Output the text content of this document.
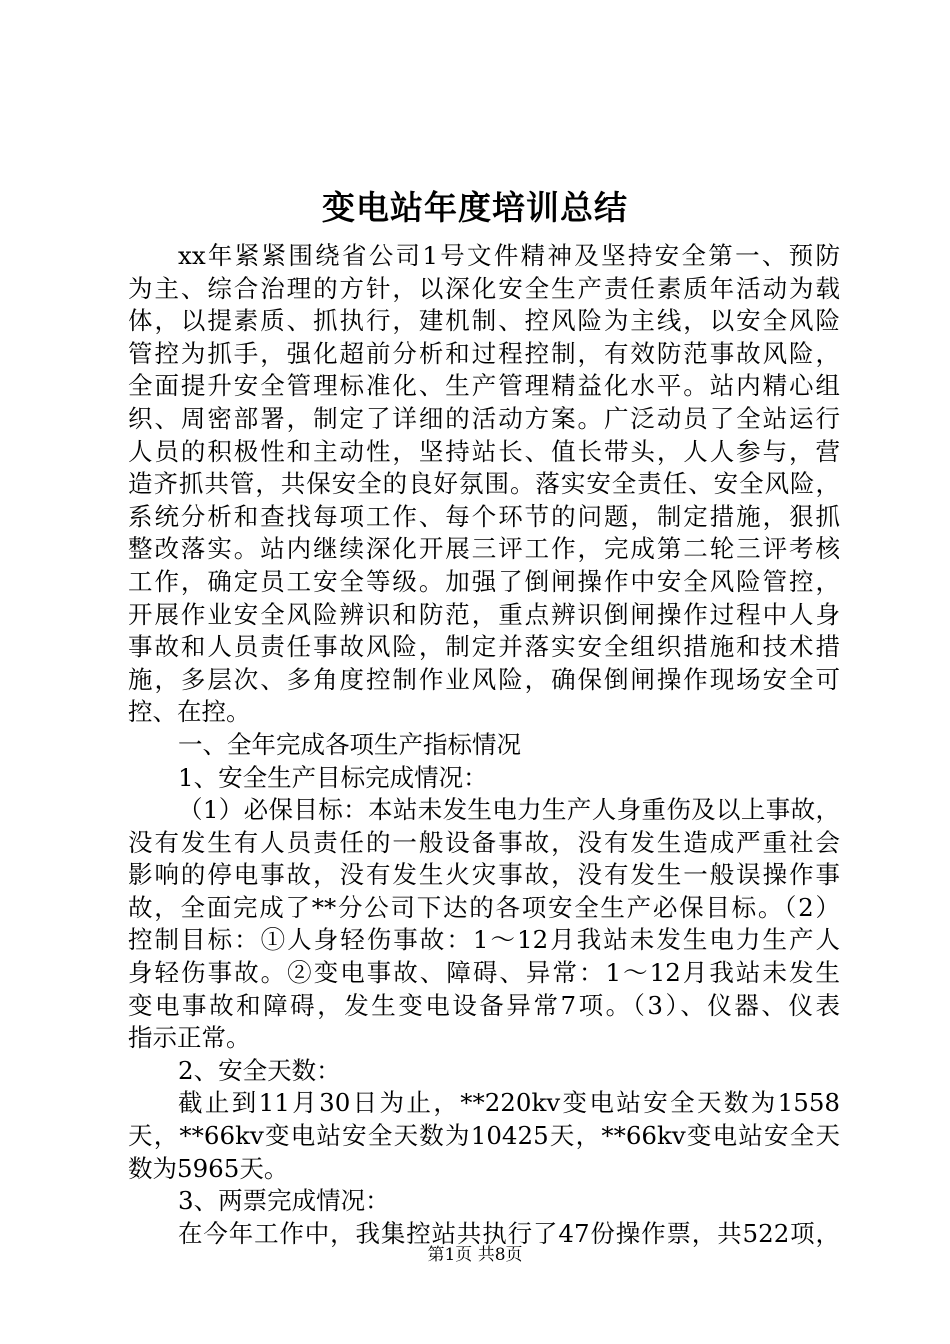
变电站年度培训总结
xx年紧紧围绕省公司1号文件精神及坚持安全第一、预防
为主、综合治理的方针，以深化安全生产责任素质年活动为载
体，以提素质、抓执行，建机制、控风险为主线，以安全风险
管控为抓手，强化超前分析和过程控制，有效防范事故风险，
全面提升安全管理标准化、生产管理精益化水平。站内精心组
织、周密部署，制定了详细的活动方案。广泛动员了全站运行
人员的积极性和主动性，坚持站长、值长带头，人人参与，营
造齐抓共管，共保安全的良好氛围。落实安全责任、安全风险，
系统分析和查找每项工作、每个环节的问题，制定措施，狠抓
整改落实。站内继续深化开展三评工作，完成第二轮三评考核
工作，确定员工安全等级。加强了倒闸操作中安全风险管控，
开展作业安全风险辨识和防范，重点辨识倒闸操作过程中人身
事故和人员责任事故风险，制定并落实安全组织措施和技术措
施，多层次、多角度控制作业风险，确保倒闸操作现场安全可
控、在控。
一、全年完成各项生产指标情况
1、安全生产目标完成情况：
（1）必保目标：本站未发生电力生产人身重伤及以上事故，
没有发生有人员责任的一般设备事故，没有发生造成严重社会
影响的停电事故，没有发生火灾事故，没有发生一般误操作事
故，全面完成了**分公司下达的各项安全生产必保目标。（2）
控制目标：①人身轻伤事故：1～12月我站未发生电力生产人
身轻伤事故。②变电事故、障碍、异常：1～12月我站未发生
变电事故和障碍，发生变电设备异常7项。（3）、仪器、仪表
指示正常。
2、安全天数：
截止到11月30日为止，**220kv变电站安全天数为1558
天，**66kv变电站安全天数为10425天，**66kv变电站安全天
数为5965天。
3、两票完成情况：
在今年工作中，我集控站共执行了47份操作票，共522项，
第1页 共8页
